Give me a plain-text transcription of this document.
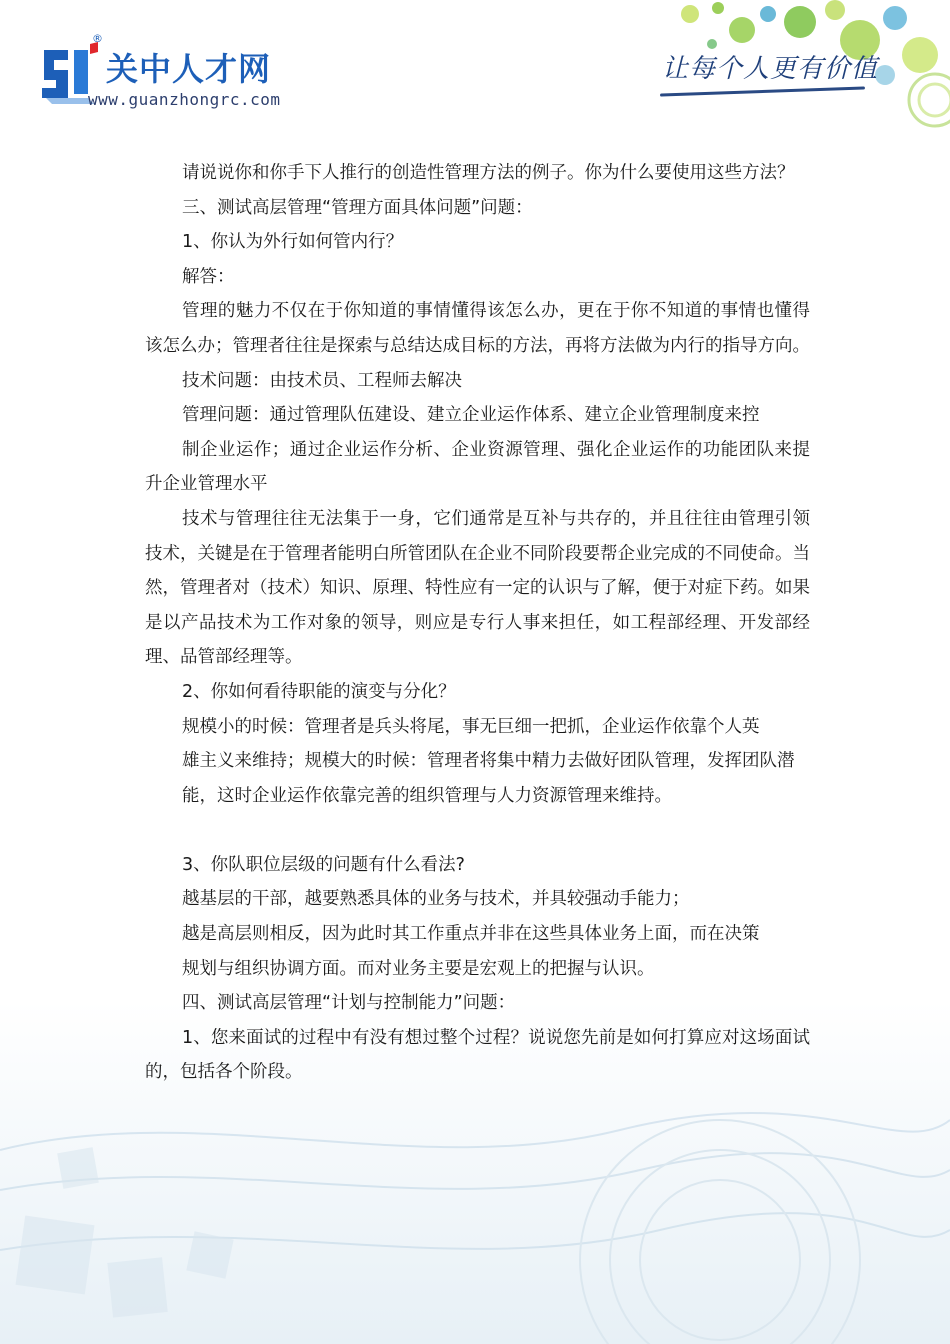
®
关中人才网
www.guanzhongrc.com
让每个人更有价值

请说说你和你手下人推行的创造性管理方法的例子。你为什么要使用这些方法？

三、测试高层管理“管理方面具体问题”问题：

1、你认为外行如何管内行？

解答：

管理的魅力不仅在于你知道的事情懂得该怎么办，更在于你不知道的事情也懂得该怎么办；管理者往往是探索与总结达成目标的方法，再将方法做为内行的指导方向。

技术问题：由技术员、工程师去解决

管理问题：通过管理队伍建设、建立企业运作体系、建立企业管理制度来控

制企业运作；通过企业运作分析、企业资源管理、强化企业运作的功能团队来提升企业管理水平

技术与管理往往无法集于一身，它们通常是互补与共存的，并且往往由管理引领技术，关键是在于管理者能明白所管团队在企业不同阶段要帮企业完成的不同使命。当然，管理者对（技术）知识、原理、特性应有一定的认识与了解，便于对症下药。如果是以产品技术为工作对象的领导，则应是专行人事来担任，如工程部经理、开发部经理、品管部经理等。

2、你如何看待职能的演变与分化？

规模小的时候：管理者是兵头将尾，事无巨细一把抓，企业运作依靠个人英

雄主义来维持；规模大的时候：管理者将集中精力去做好团队管理，发挥团队潜

能，这时企业运作依靠完善的组织管理与人力资源管理来维持。

3、你队职位层级的问题有什么看法?

越基层的干部，越要熟悉具体的业务与技术，并具较强动手能力；

越是高层则相反，因为此时其工作重点并非在这些具体业务上面，而在决策

规划与组织协调方面。而对业务主要是宏观上的把握与认识。

四、测试高层管理“计划与控制能力”问题：

1、您来面试的过程中有没有想过整个过程？说说您先前是如何打算应对这场面试的，包括各个阶段。
